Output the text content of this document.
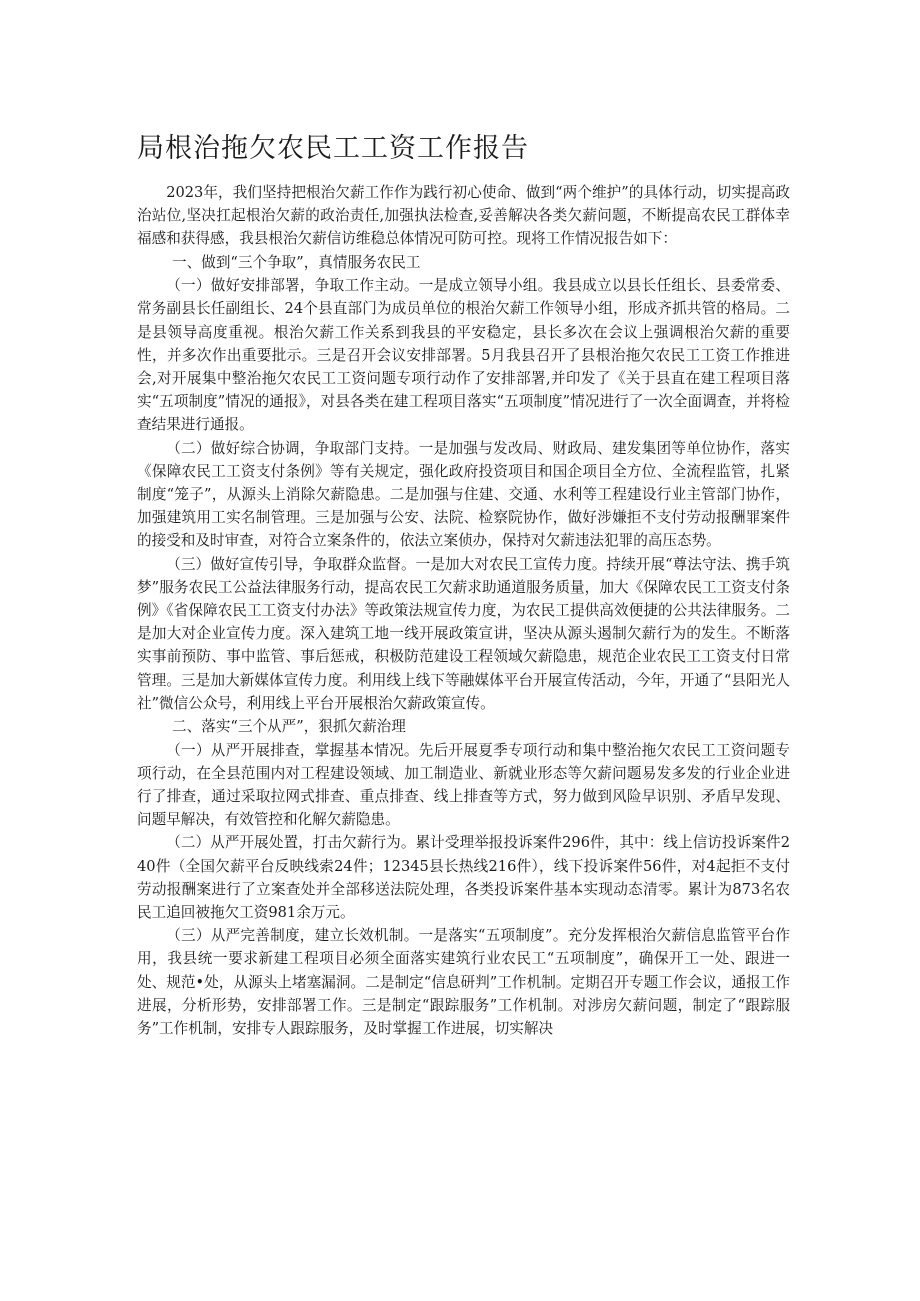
局根治拖欠农民工工资工作报告

2023年，我们坚持把根治欠薪工作作为践行初心使命、做到“两个维护”的具体行动，切实提高政治站位,坚决扛起根治欠薪的政治责任,加强执法检查,妥善解决各类欠薪问题，不断提高农民工群体幸福感和获得感，我县根治欠薪信访维稳总体情况可防可控。现将工作情况报告如下：

一、做到“三个争取”，真情服务农民工

（一）做好安排部署，争取工作主动。一是成立领导小组。我县成立以县长任组长、县委常委、常务副县长任副组长、24个县直部门为成员单位的根治欠薪工作领导小组，形成齐抓共管的格局。二是县领导高度重视。根治欠薪工作关系到我县的平安稳定，县长多次在会议上强调根治欠薪的重要性，并多次作出重要批示。三是召开会议安排部署。5月我县召开了县根治拖欠农民工工资工作推进会,对开展集中整治拖欠农民工工资问题专项行动作了安排部署,并印发了《关于县直在建工程项目落实“五项制度”情况的通报》，对县各类在建工程项目落实“五项制度”情况进行了一次全面调查，并将检查结果进行通报。

（二）做好综合协调，争取部门支持。一是加强与发改局、财政局、建发集团等单位协作，落实《保障农民工工资支付条例》等有关规定，强化政府投资项目和国企项目全方位、全流程监管，扎紧制度“笼子”，从源头上消除欠薪隐患。二是加强与住建、交通、水利等工程建设行业主管部门协作，加强建筑用工实名制管理。三是加强与公安、法院、检察院协作，做好涉嫌拒不支付劳动报酬罪案件的接受和及时审查，对符合立案条件的，依法立案侦办，保持对欠薪违法犯罪的高压态势。

（三）做好宣传引导，争取群众监督。一是加大对农民工宣传力度。持续开展“尊法守法、携手筑梦”服务农民工公益法律服务行动，提高农民工欠薪求助通道服务质量，加大《保障农民工工资支付条例》《省保障农民工工资支付办法》等政策法规宣传力度，为农民工提供高效便捷的公共法律服务。二是加大对企业宣传力度。深入建筑工地一线开展政策宣讲，坚决从源头遏制欠薪行为的发生。不断落实事前预防、事中监管、事后惩戒，积极防范建设工程领域欠薪隐患，规范企业农民工工资支付日常管理。三是加大新媒体宣传力度。利用线上线下等融媒体平台开展宣传活动，今年，开通了“县阳光人社”微信公众号，利用线上平台开展根治欠薪政策宣传。

二、落实“三个从严”，狠抓欠薪治理

（一）从严开展排查，掌握基本情况。先后开展夏季专项行动和集中整治拖欠农民工工资问题专项行动，在全县范围内对工程建设领域、加工制造业、新就业形态等欠薪问题易发多发的行业企业进行了排查，通过采取拉网式排查、重点排查、线上排查等方式，努力做到风险早识别、矛盾早发现、问题早解决，有效管控和化解欠薪隐患。

（二）从严开展处置，打击欠薪行为。累计受理举报投诉案件296件，其中：线上信访投诉案件240件（全国欠薪平台反映线索24件；12345县长热线216件），线下投诉案件56件，对4起拒不支付劳动报酬案进行了立案查处并全部移送法院处理，各类投诉案件基本实现动态清零。累计为873名农民工追回被拖欠工资981余万元。

（三）从严完善制度，建立长效机制。一是落实“五项制度”。充分发挥根治欠薪信息监管平台作用，我县统一要求新建工程项目必须全面落实建筑行业农民工“五项制度”，确保开工一处、跟进一处、规范•处，从源头上堵塞漏洞。二是制定“信息研判”工作机制。定期召开专题工作会议，通报工作进展，分析形势，安排部署工作。三是制定“跟踪服务”工作机制。对涉房欠薪问题，制定了“跟踪服务”工作机制，安排专人跟踪服务，及时掌握工作进展，切实解决
